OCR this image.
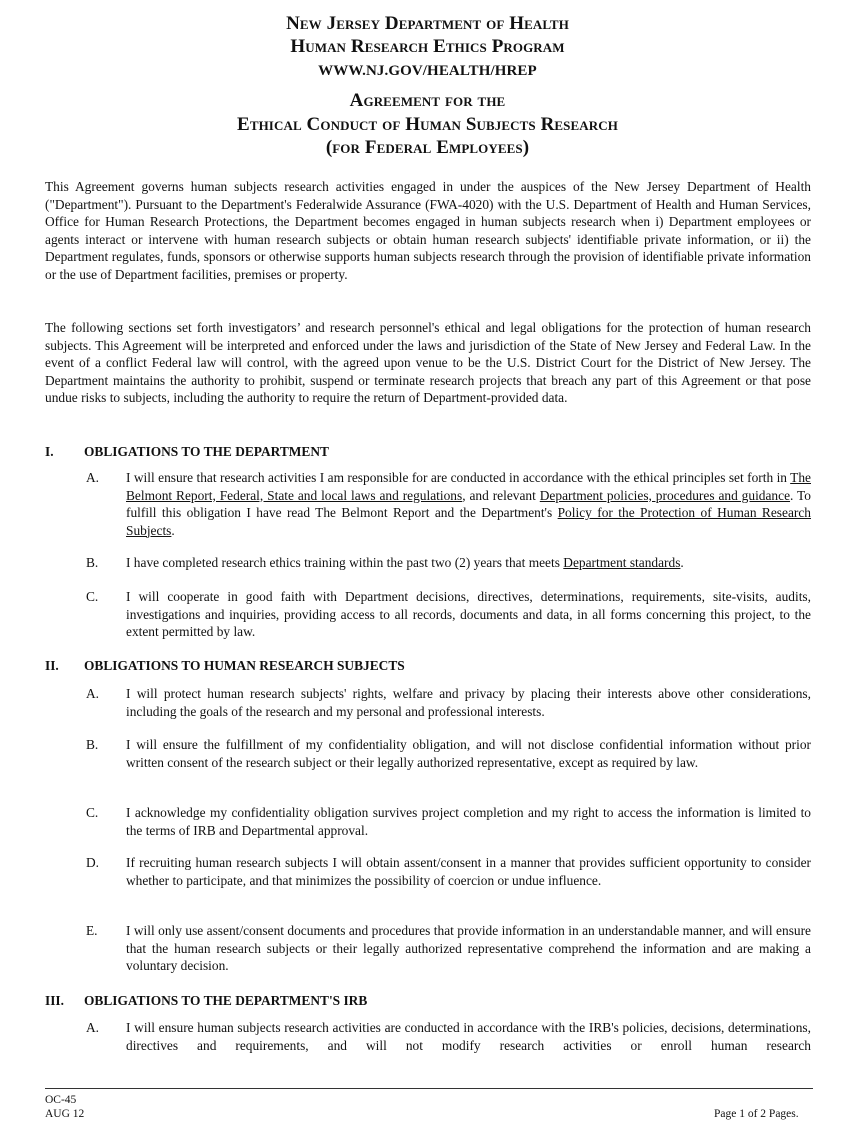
New Jersey Department of Health
Human Research Ethics Program
WWW.NJ.GOV/HEALTH/HREP
Agreement for the
Ethical Conduct of Human Subjects Research
(for Federal Employees)

This Agreement governs human subjects research activities engaged in under the auspices of the New Jersey Department of Health ("Department"). Pursuant to the Department's Federalwide Assurance (FWA-4020) with the U.S. Department of Health and Human Services, Office for Human Research Protections, the Department becomes engaged in human subjects research when i) Department employees or agents interact or intervene with human research subjects or obtain human research subjects' identifiable private information, or ii) the Department regulates, funds, sponsors or otherwise supports human subjects research through the provision of identifiable private information or the use of Department facilities, premises or property.

The following sections set forth investigators’ and research personnel's ethical and legal obligations for the protection of human research subjects. This Agreement will be interpreted and enforced under the laws and jurisdiction of the State of New Jersey and Federal Law. In the event of a conflict Federal law will control, with the agreed upon venue to be the U.S. District Court for the District of New Jersey. The Department maintains the authority to prohibit, suspend or terminate research projects that breach any part of this Agreement or that pose undue risks to subjects, including the authority to require the return of Department-provided data.

I. OBLIGATIONS TO THE DEPARTMENT
A. I will ensure that research activities I am responsible for are conducted in accordance with the ethical principles set forth in The Belmont Report, Federal, State and local laws and regulations, and relevant Department policies, procedures and guidance. To fulfill this obligation I have read The Belmont Report and the Department's Policy for the Protection of Human Research Subjects.

B. I have completed research ethics training within the past two (2) years that meets Department standards.

C. I will cooperate in good faith with Department decisions, directives, determinations, requirements, site-visits, audits, investigations and inquiries, providing access to all records, documents and data, in all forms concerning this project, to the extent permitted by law.

II. OBLIGATIONS TO HUMAN RESEARCH SUBJECTS
A. I will protect human research subjects' rights, welfare and privacy by placing their interests above other considerations, including the goals of the research and my personal and professional interests.

B. I will ensure the fulfillment of my confidentiality obligation, and will not disclose confidential information without prior written consent of the research subject or their legally authorized representative, except as required by law.

C. I acknowledge my confidentiality obligation survives project completion and my right to access the information is limited to the terms of IRB and Departmental approval.

D. If recruiting human research subjects I will obtain assent/consent in a manner that provides sufficient opportunity to consider whether to participate, and that minimizes the possibility of coercion or undue influence.

E. I will only use assent/consent documents and procedures that provide information in an understandable manner, and will ensure that the human research subjects or their legally authorized representative comprehend the information and are making a voluntary decision.

III. OBLIGATIONS TO THE DEPARTMENT'S IRB
A. I will ensure human subjects research activities are conducted in accordance with the IRB's policies, decisions, determinations, directives and requirements, and will not modify research activities or enroll human research

OC-45
AUG 12	Page 1 of 2 Pages.
